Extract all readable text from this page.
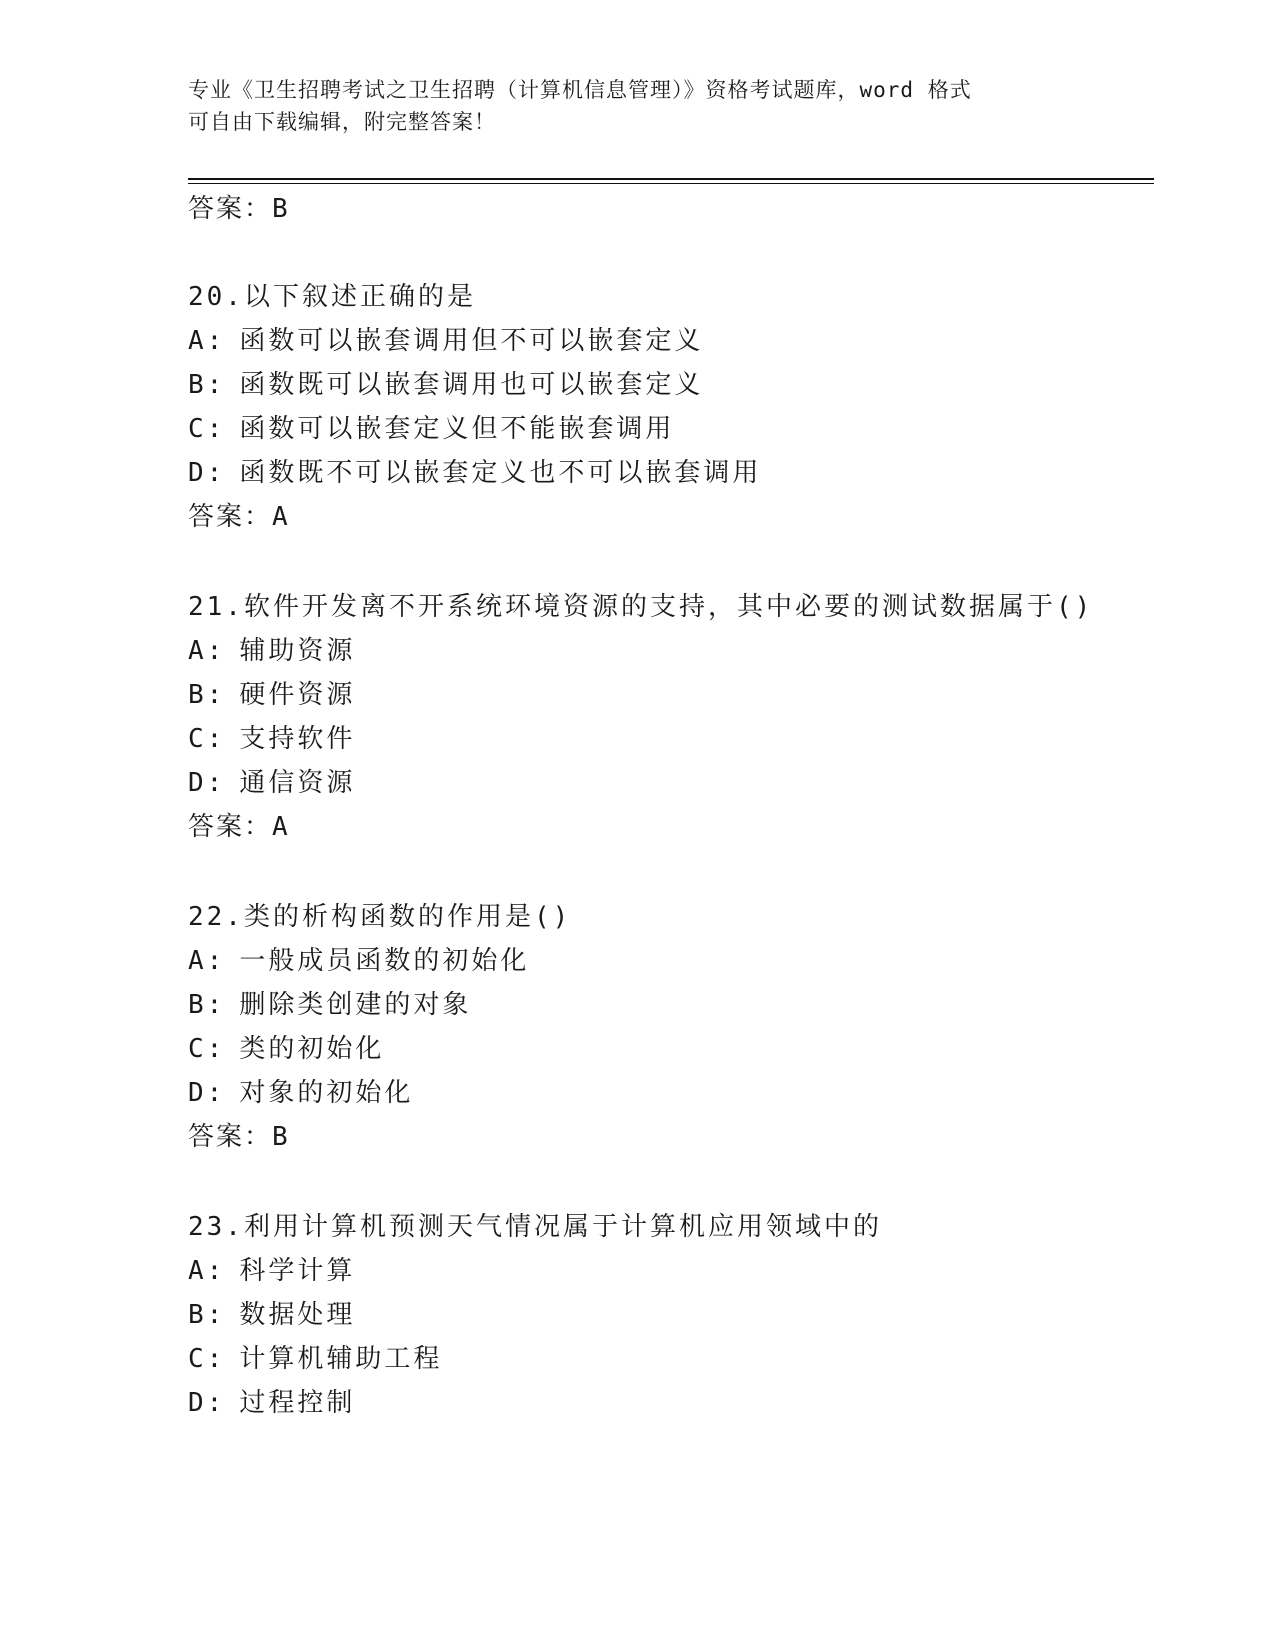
专业《卫生招聘考试之卫生招聘（计算机信息管理）》资格考试题库，word 格式
可自由下载编辑，附完整答案！
答案：B
20.以下叙述正确的是
A: 函数可以嵌套调用但不可以嵌套定义
B: 函数既可以嵌套调用也可以嵌套定义
C: 函数可以嵌套定义但不能嵌套调用
D: 函数既不可以嵌套定义也不可以嵌套调用
答案：A
21.软件开发离不开系统环境资源的支持，其中必要的测试数据属于()
A: 辅助资源
B: 硬件资源
C: 支持软件
D: 通信资源
答案：A
22.类的析构函数的作用是()
A: 一般成员函数的初始化
B: 删除类创建的对象
C: 类的初始化
D: 对象的初始化
答案：B
23.利用计算机预测天气情况属于计算机应用领域中的
A: 科学计算
B: 数据处理
C: 计算机辅助工程
D: 过程控制
